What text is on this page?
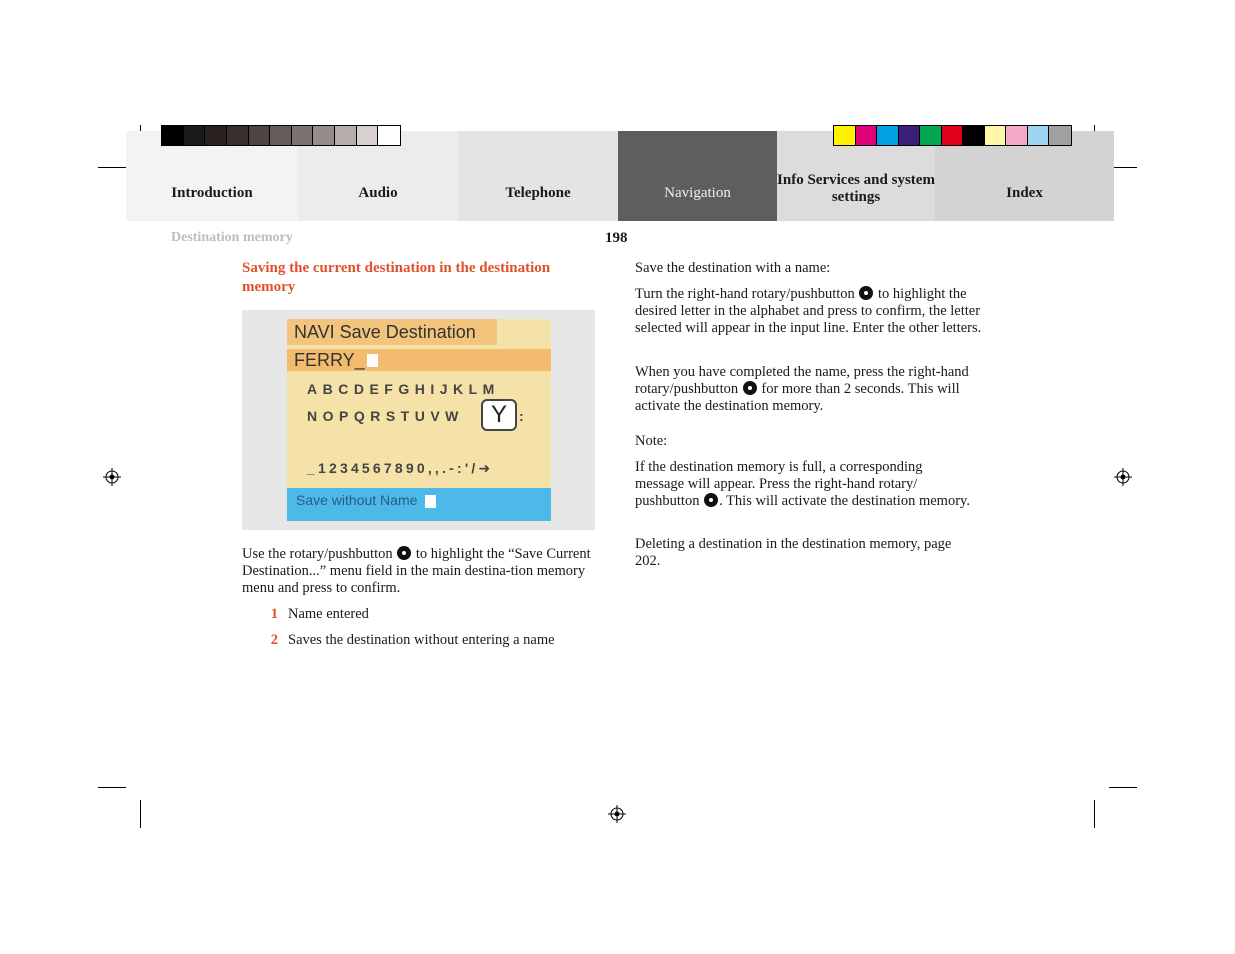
Introduction	Audio	Telephone	Navigation
Info Services and system settings	Index
Destination memory	198
Saving the current destination in the destination memory
NAVI Save Destination
FERRY_
ABCDEFGHIJKLM
NOPQRSTUVW	Y :
_1234567890,,.-:'/➜
Save without Name
Use the rotary/pushbutton to highlight the “Save Current Destination...” menu field in the main destina-tion memory menu and press to confirm.
1 Name entered
2 Saves the destination without entering a name
Save the destination with a name:
Turn the right-hand rotary/pushbutton to highlight the desired letter in the alphabet and press to confirm, the letter selected will appear in the input line. Enter the other letters.
When you have completed the name, press the right-hand rotary/pushbutton for more than 2 seconds. This will activate the destination memory.
Note:
If the destination memory is full, a corresponding message will appear. Press the right-hand rotary/ pushbutton . This will activate the destination memory.
Deleting a destination in the destination memory, page 202.
